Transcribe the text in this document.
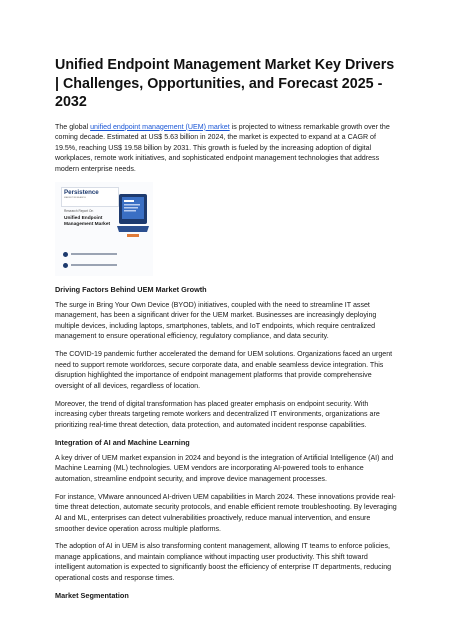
Unified Endpoint Management Market Key Drivers | Challenges, Opportunities, and Forecast 2025 - 2032

The global unified endpoint management (UEM) market is projected to witness remarkable growth over the coming decade. Estimated at US$ 5.63 billion in 2024, the market is expected to expand at a CAGR of 19.5%, reaching US$ 19.58 billion by 2031. This growth is fueled by the increasing adoption of digital workplaces, remote work initiatives, and sophisticated endpoint management technologies that address modern enterprise needs.

Persistence
MARKET RESEARCH
Research Report On
Unified Endpoint Management Market
Driving Factors Behind UEM Market Growth

The surge in Bring Your Own Device (BYOD) initiatives, coupled with the need to streamline IT asset management, has been a significant driver for the UEM market. Businesses are increasingly deploying multiple devices, including laptops, smartphones, tablets, and IoT endpoints, which require centralized management to ensure operational efficiency, regulatory compliance, and data security.

The COVID-19 pandemic further accelerated the demand for UEM solutions. Organizations faced an urgent need to support remote workforces, secure corporate data, and enable seamless device integration. This disruption highlighted the importance of endpoint management platforms that provide comprehensive oversight of all devices, regardless of location.

Moreover, the trend of digital transformation has placed greater emphasis on endpoint security. With increasing cyber threats targeting remote workers and decentralized IT environments, organizations are prioritizing real-time threat detection, data protection, and automated incident response capabilities.

Integration of AI and Machine Learning

A key driver of UEM market expansion in 2024 and beyond is the integration of Artificial Intelligence (AI) and Machine Learning (ML) technologies. UEM vendors are incorporating AI-powered tools to enhance automation, streamline endpoint security, and improve device management processes.

For instance, VMware announced AI-driven UEM capabilities in March 2024. These innovations provide real-time threat detection, automate security protocols, and enable efficient remote troubleshooting. By leveraging AI and ML, enterprises can detect vulnerabilities proactively, reduce manual intervention, and ensure smoother device operation across multiple platforms.

The adoption of AI in UEM is also transforming content management, allowing IT teams to enforce policies, manage applications, and maintain compliance without impacting user productivity. This shift toward intelligent automation is expected to significantly boost the efficiency of enterprise IT departments, reducing operational costs and response times.

Market Segmentation
